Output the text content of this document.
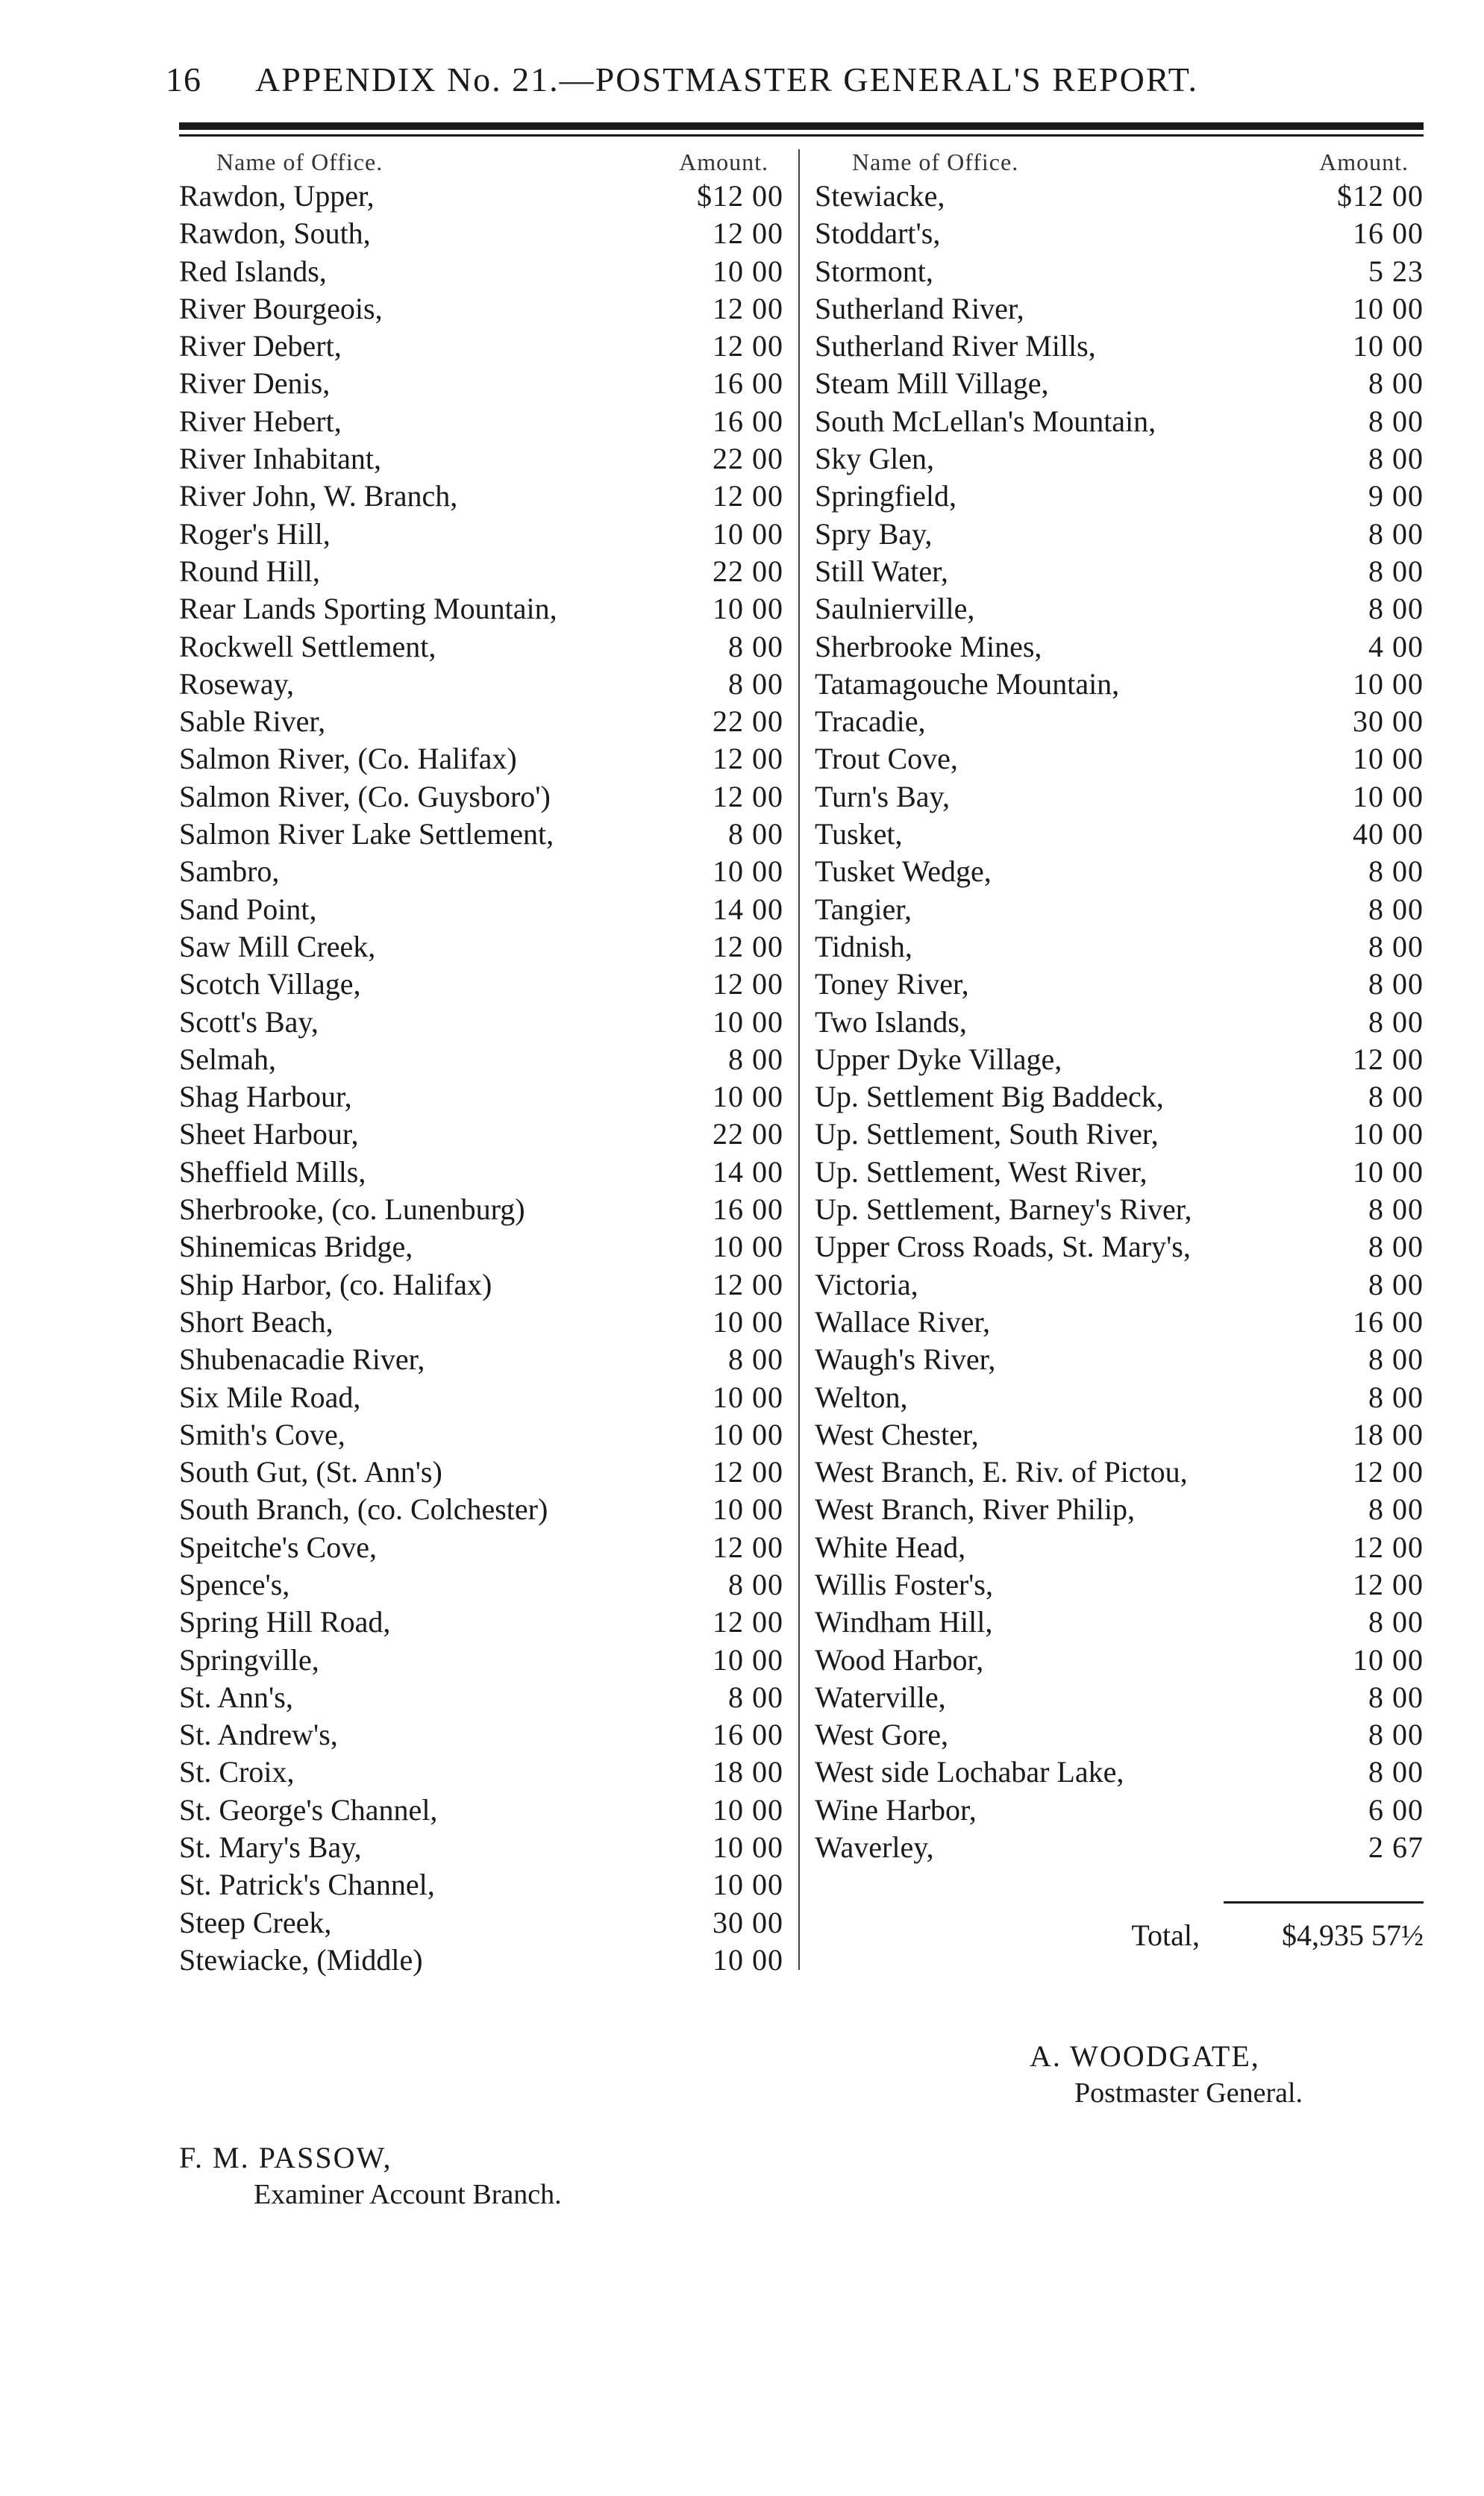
16	APPENDIX No. 21.—POSTMASTER GENERAL'S REPORT.
Name of Office.	Amount.
Rawdon, Upper,	$12 00
Rawdon, South,	12 00
Red Islands,	10 00
River Bourgeois,	12 00
River Debert,	12 00
River Denis,	16 00
River Hebert,	16 00
River Inhabitant,	22 00
River John, W. Branch,	12 00
Roger's Hill,	10 00
Round Hill,	22 00
Rear Lands Sporting Mountain,	10 00
Rockwell Settlement,	8 00
Roseway,	8 00
Sable River,	22 00
Salmon River, (Co. Halifax)	12 00
Salmon River, (Co. Guysboro')	12 00
Salmon River Lake Settlement,	8 00
Sambro,	10 00
Sand Point,	14 00
Saw Mill Creek,	12 00
Scotch Village,	12 00
Scott's Bay,	10 00
Selmah,	8 00
Shag Harbour,	10 00
Sheet Harbour,	22 00
Sheffield Mills,	14 00
Sherbrooke, (co. Lunenburg)	16 00
Shinemicas Bridge,	10 00
Ship Harbor, (co. Halifax)	12 00
Short Beach,	10 00
Shubenacadie River,	8 00
Six Mile Road,	10 00
Smith's Cove,	10 00
South Gut, (St. Ann's)	12 00
South Branch, (co. Colchester)	10 00
Speitche's Cove,	12 00
Spence's,	8 00
Spring Hill Road,	12 00
Springville,	10 00
St. Ann's,	8 00
St. Andrew's,	16 00
St. Croix,	18 00
St. George's Channel,	10 00
St. Mary's Bay,	10 00
St. Patrick's Channel,	10 00
Steep Creek,	30 00
Stewiacke, (Middle)	10 00
Name of Office.	Amount.
Stewiacke,	$12 00
Stoddart's,	16 00
Stormont,	5 23
Sutherland River,	10 00
Sutherland River Mills,	10 00
Steam Mill Village,	8 00
South McLellan's Mountain,	8 00
Sky Glen,	8 00
Springfield,	9 00
Spry Bay,	8 00
Still Water,	8 00
Saulnierville,	8 00
Sherbrooke Mines,	4 00
Tatamagouche Mountain,	10 00
Tracadie,	30 00
Trout Cove,	10 00
Turn's Bay,	10 00
Tusket,	40 00
Tusket Wedge,	8 00
Tangier,	8 00
Tidnish,	8 00
Toney River,	8 00
Two Islands,	8 00
Upper Dyke Village,	12 00
Up. Settlement Big Baddeck,	8 00
Up. Settlement, South River,	10 00
Up. Settlement, West River,	10 00
Up. Settlement, Barney's River,	8 00
Upper Cross Roads, St. Mary's,	8 00
Victoria,	8 00
Wallace River,	16 00
Waugh's River,	8 00
Welton,	8 00
West Chester,	18 00
West Branch, E. Riv. of Pictou,	12 00
West Branch, River Philip,	8 00
White Head,	12 00
Willis Foster's,	12 00
Windham Hill,	8 00
Wood Harbor,	10 00
Waterville,	8 00
West Gore,	8 00
West side Lochabar Lake,	8 00
Wine Harbor,	6 00
Waverley,	2 67
Total,	$4,935 57½
A. WOODGATE,
Postmaster General.
F. M. PASSOW,
Examiner Account Branch.
